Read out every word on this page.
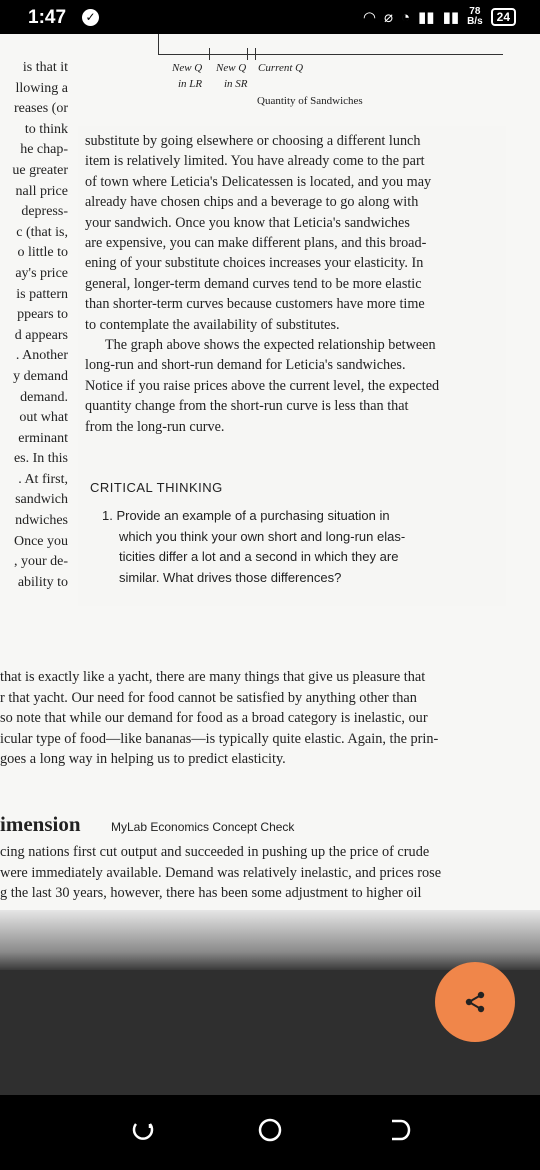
1:47 ✓	◠ ⌀ ◔ ▮▮ ▮▮ 78
B/s	24
New Q New Q Current Q
in LR in SR
Quantity of Sandwiches
is that it
llowing a
reases (or
to think
he chap-
ue greater
nall price
depress-
c (that is,
o little to
ay's price
is pattern
ppears to
d appears
. Another
y demand
demand.
out what
erminant
es. In this
. At first,
sandwich
ndwiches
Once you
, your de-
ability to
substitute by going elsewhere or choosing a different lunch
item is relatively limited. You have already come to the part
of town where Leticia's Delicatessen is located, and you may
already have chosen chips and a beverage to go along with
your sandwich. Once you know that Leticia's sandwiches
are expensive, you can make different plans, and this broad-
ening of your substitute choices increases your elasticity. In
general, longer-term demand curves tend to be more elastic
than shorter-term curves because customers have more time
to contemplate the availability of substitutes.
The graph above shows the expected relationship between
long-run and short-run demand for Leticia's sandwiches.
Notice if you raise prices above the current level, the expected
quantity change from the short-run curve is less than that
from the long-run curve.
CRITICAL THINKING
1. Provide an example of a purchasing situation in
which you think your own short and long-run elas-
ticities differ a lot and a second in which they are
similar. What drives those differences?
that is exactly like a yacht, there are many things that give us pleasure that
r that yacht. Our need for food cannot be satisfied by anything other than
so note that while our demand for food as a broad category is inelastic, our
icular type of food—like bananas—is typically quite elastic. Again, the prin-
goes a long way in helping us to predict elasticity.
imension	MyLab Economics Concept Check
cing nations first cut output and succeeded in pushing up the price of crude
were immediately available. Demand was relatively inelastic, and prices rose
g the last 30 years, however, there has been some adjustment to higher oil
